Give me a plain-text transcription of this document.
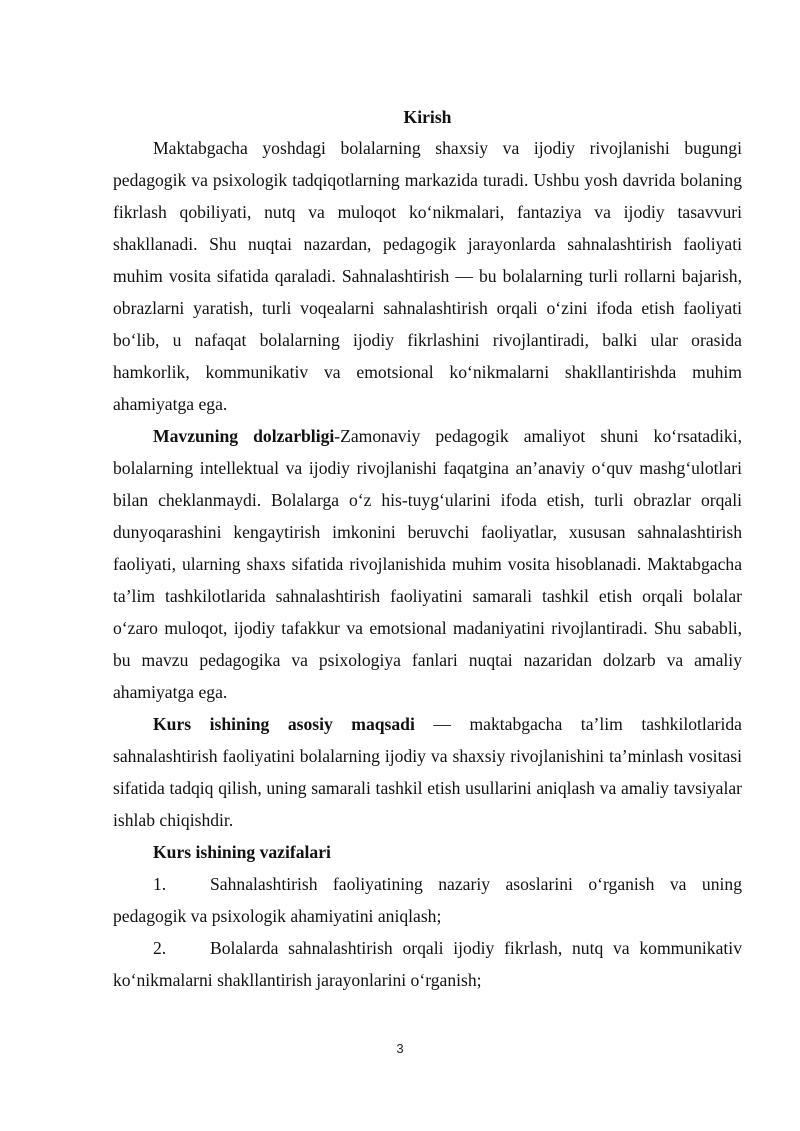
Kirish

Maktabgacha yoshdagi bolalarning shaxsiy va ijodiy rivojlanishi bugungi pedagogik va psixologik tadqiqotlarning markazida turadi. Ushbu yosh davrida bolaning fikrlash qobiliyati, nutq va muloqot ko‘nikmalari, fantaziya va ijodiy tasavvuri shakllanadi. Shu nuqtai nazardan, pedagogik jarayonlarda sahnalashtirish faoliyati muhim vosita sifatida qaraladi. Sahnalashtirish — bu bolalarning turli rollarni bajarish, obrazlarni yaratish, turli voqealarni sahnalashtirish orqali o‘zini ifoda etish faoliyati bo‘lib, u nafaqat bolalarning ijodiy fikrlashini rivojlantiradi, balki ular orasida hamkorlik, kommunikativ va emotsional ko‘nikmalarni shakllantirishda muhim ahamiyatga ega.

Mavzuning dolzarbligi-Zamonaviy pedagogik amaliyot shuni ko‘rsatadiki, bolalarning intellektual va ijodiy rivojlanishi faqatgina an’anaviy o‘quv mashg‘ulotlari bilan cheklanmaydi. Bolalarga o‘z his-tuyg‘ularini ifoda etish, turli obrazlar orqali dunyoqarashini kengaytirish imkonini beruvchi faoliyatlar, xususan sahnalashtirish faoliyati, ularning shaxs sifatida rivojlanishida muhim vosita hisoblanadi. Maktabgacha ta’lim tashkilotlarida sahnalashtirish faoliyatini samarali tashkil etish orqali bolalar o‘zaro muloqot, ijodiy tafakkur va emotsional madaniyatini rivojlantiradi. Shu sababli, bu mavzu pedagogika va psixologiya fanlari nuqtai nazaridan dolzarb va amaliy ahamiyatga ega.

Kurs ishining asosiy maqsadi — maktabgacha ta’lim tashkilotlarida sahnalashtirish faoliyatini bolalarning ijodiy va shaxsiy rivojlanishini ta’minlash vositasi sifatida tadqiq qilish, uning samarali tashkil etish usullarini aniqlash va amaliy tavsiyalar ishlab chiqishdir.

Kurs ishining vazifalari

1. Sahnalashtirish faoliyatining nazariy asoslarini o‘rganish va uning pedagogik va psixologik ahamiyatini aniqlash;

2. Bolalarda sahnalashtirish orqali ijodiy fikrlash, nutq va kommunikativ ko‘nikmalarni shakllantirish jarayonlarini o‘rganish;

3
